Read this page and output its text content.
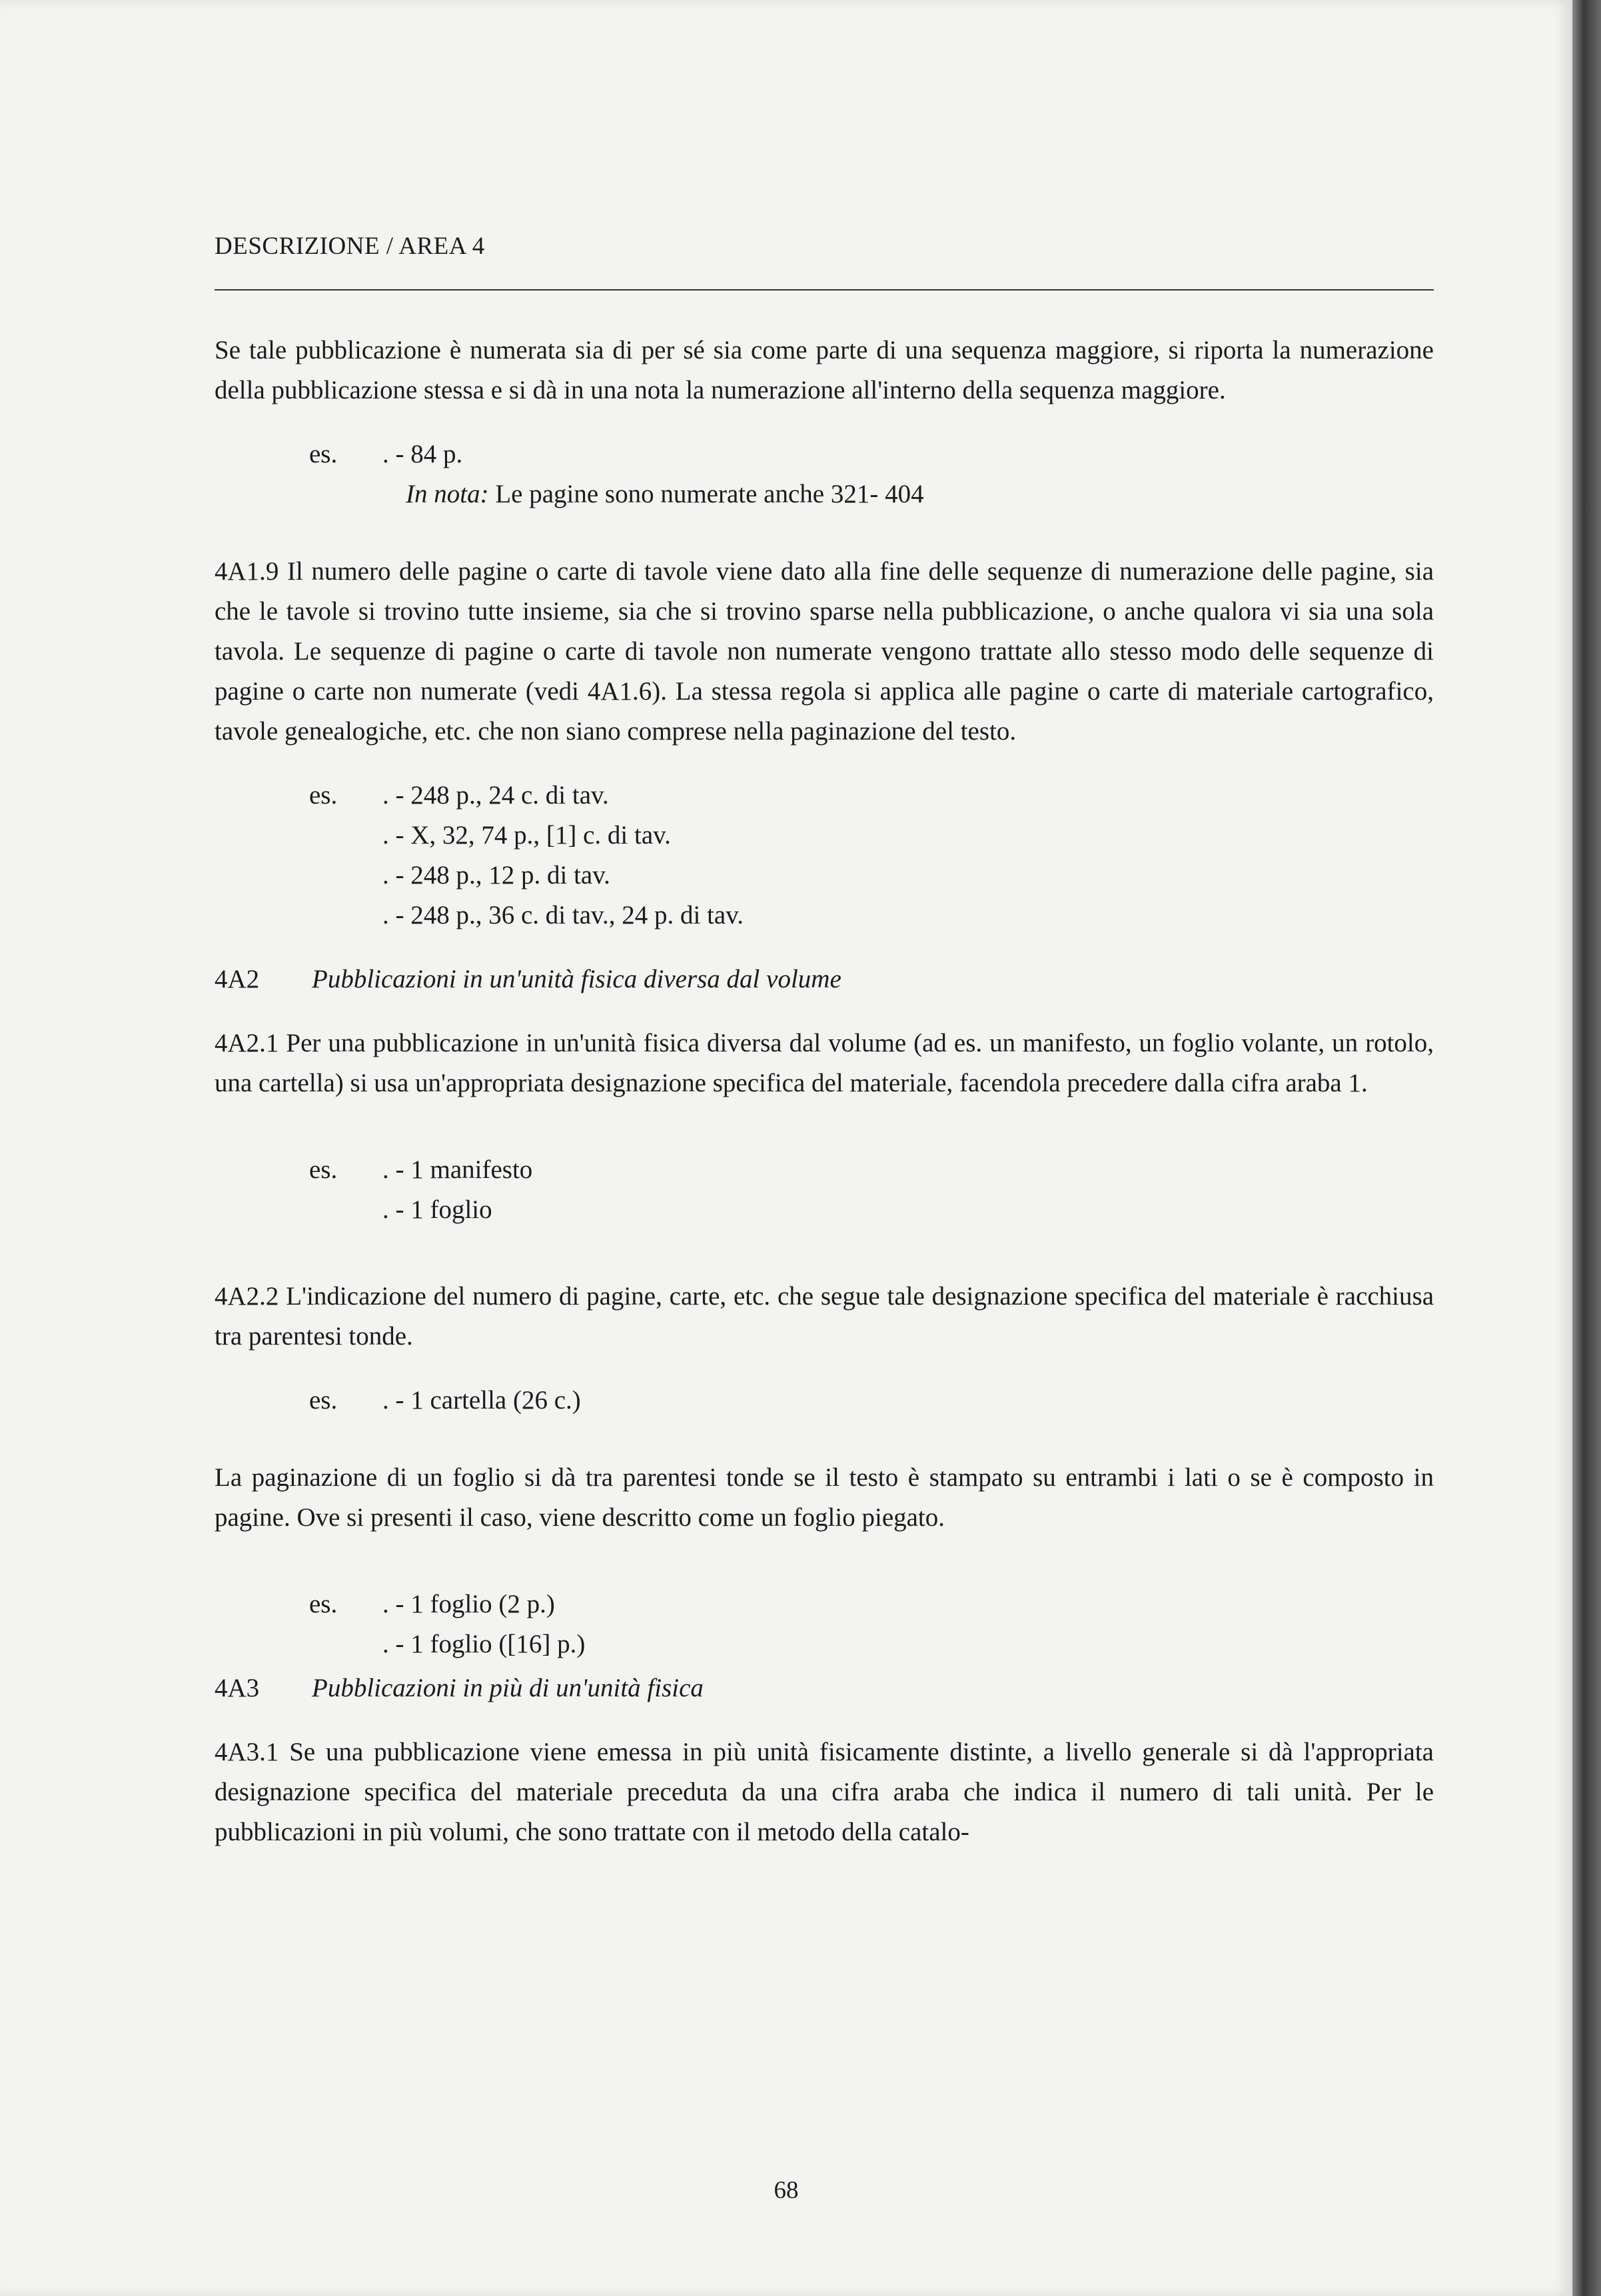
DESCRIZIONE / AREA 4

Se tale pubblicazione è numerata sia di per sé sia come parte di una sequenza maggiore, si riporta la numerazione della pubblicazione stessa e si dà in una nota la numerazione all'interno della sequenza maggiore.

es.	. - 84 p.
In nota: Le pagine sono numerate anche 321- 404

4A1.9 Il numero delle pagine o carte di tavole viene dato alla fine delle sequenze di numerazione delle pagine, sia che le tavole si trovino tutte insieme, sia che si trovino sparse nella pubblicazione, o anche qualora vi sia una sola tavola. Le sequenze di pagine o carte di tavole non numerate vengono trattate allo stesso modo delle sequenze di pagine o carte non numerate (vedi 4A1.6). La stessa regola si applica alle pagine o carte di materiale cartografico, tavole genealogiche, etc. che non siano comprese nella paginazione del testo.

es.	. - 248 p., 24 c. di tav.
. - X, 32, 74 p., [1] c. di tav.
. - 248 p., 12 p. di tav.
. - 248 p., 36 c. di tav., 24 p. di tav.
4A2	Pubblicazioni in un'unità fisica diversa dal volume

4A2.1 Per una pubblicazione in un'unità fisica diversa dal volume (ad es. un manifesto, un foglio volante, un rotolo, una cartella) si usa un'appropriata designazione specifica del materiale, facendola precedere dalla cifra araba 1.

es.	. - 1 manifesto
. - 1 foglio

4A2.2 L'indicazione del numero di pagine, carte, etc. che segue tale designazione specifica del materiale è racchiusa tra parentesi tonde.

es.	. - 1 cartella (26 c.)

La paginazione di un foglio si dà tra parentesi tonde se il testo è stampato su entrambi i lati o se è composto in pagine. Ove si presenti il caso, viene descritto come un foglio piegato.

es.	. - 1 foglio (2 p.)
. - 1 foglio ([16] p.)
4A3	Pubblicazioni in più di un'unità fisica

4A3.1 Se una pubblicazione viene emessa in più unità fisicamente distinte, a livello generale si dà l'appropriata designazione specifica del materiale preceduta da una cifra araba che indica il numero di tali unità. Per le pubblicazioni in più volumi, che sono trattate con il metodo della catalo-

68
